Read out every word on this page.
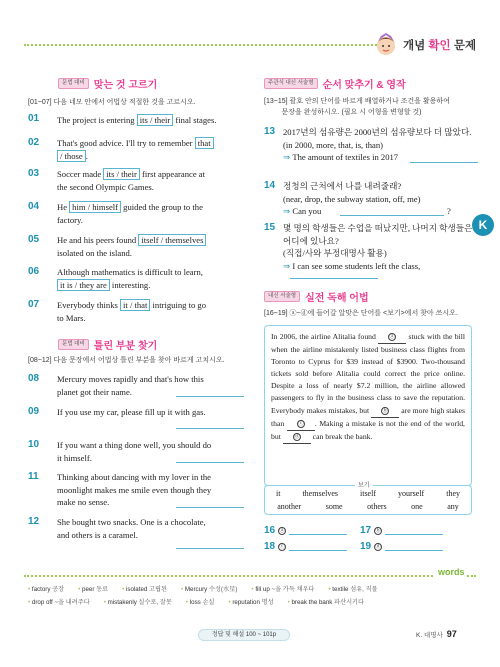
개념 확인 문제
문법 대비 맞는 것 고르기
[01~07] 다음 네모 안에서 어법상 적절한 것을 고르시오.
01 The project is entering its / their final stages.
02 That's good advice. I'll try to remember that
/ those .
03 Soccer made its / their first appearance at
the second Olympic Games.
04 He him / himself guided the group to the
factory.
05 He and his peers found itself / themselves
isolated on the island.
06 Although mathematics is difficult to learn,
it is / they are interesting.
07 Everybody thinks it / that intriguing to go
to Mars.
문법 대비 틀린 부분 찾기
[08~12] 다음 문장에서 어법상 틀린 부분을 찾아 바르게 고치시오.
08 Mercury moves rapidly and that's how this
planet got their name.
09 If you use my car, please fill up it with gas.
10 If you want a thing done well, you should do
it himself.
11 Thinking about dancing with my lover in the
moonlight makes me smile even though they
make no sense.
12 She bought two snacks. One is a chocolate,
and others is a caramel.
주관식 내신 서술형 순서 맞추기 & 영작
[13~15] 괄호 안의 단어를 바르게 배열하거나 조건을 활용하여
문장을 완성하시오. (필요 시 어형을 변형할 것)
13 2017년의 섬유량은 2000년의 섬유량보다 더 많았다.
(in 2000, more, that, is, than)
⇒ The amount of textiles in 2017
14 정청의 근처에서 나를 내려줄래?
(near, drop, the subway station, off, me)
⇒ Can you	?
15 몇 명의 학생들은 수업을 떠났지만, 나머지 학생들은
어디에 있나요?
(직접/사와 부정대명사 활용)
⇒ I can see some students left the class,
K
내신 서술형 실전 독해 어법
[16~19] ⓐ~ⓓ에 들어갈 알맞은 단어를 <보기>에서 찾아 쓰시오.
In 2006, the airline Alitalia found ⓐ stuck with the bill when the airline mistakenly listed business class flights from Toronto to Cyprus for $39 instead of $3900. Two-thousand tickets sold before Alitalia could correct the price online. Despite a loss of nearly $7.2 million, the airline allowed passengers to fly in the business class to save the reputation. Everybody makes mistakes, but ⓑ are more high stakes than ⓒ . Making a mistake is not the end of the world, but ⓓ can break the bank.
보기
it	themselves	itself	yourself	they
another	some	others	one	any
16 ⓐ	17 ⓑ
18 ⓒ	19 ⓓ
words
• factory 공장 • peer 동료 • isolated 고립된 • Mercury 수성(水星) • fill up ~을 가득 채우다 • textile 섬유, 직물
• drop off ~을 내려주다 • mistakenly 실수로, 잘못 • loss 손실 • reputation 명성 • break the bank 파산시키다
정답 및 해설 100 ~ 101p	K. 대명사 97
